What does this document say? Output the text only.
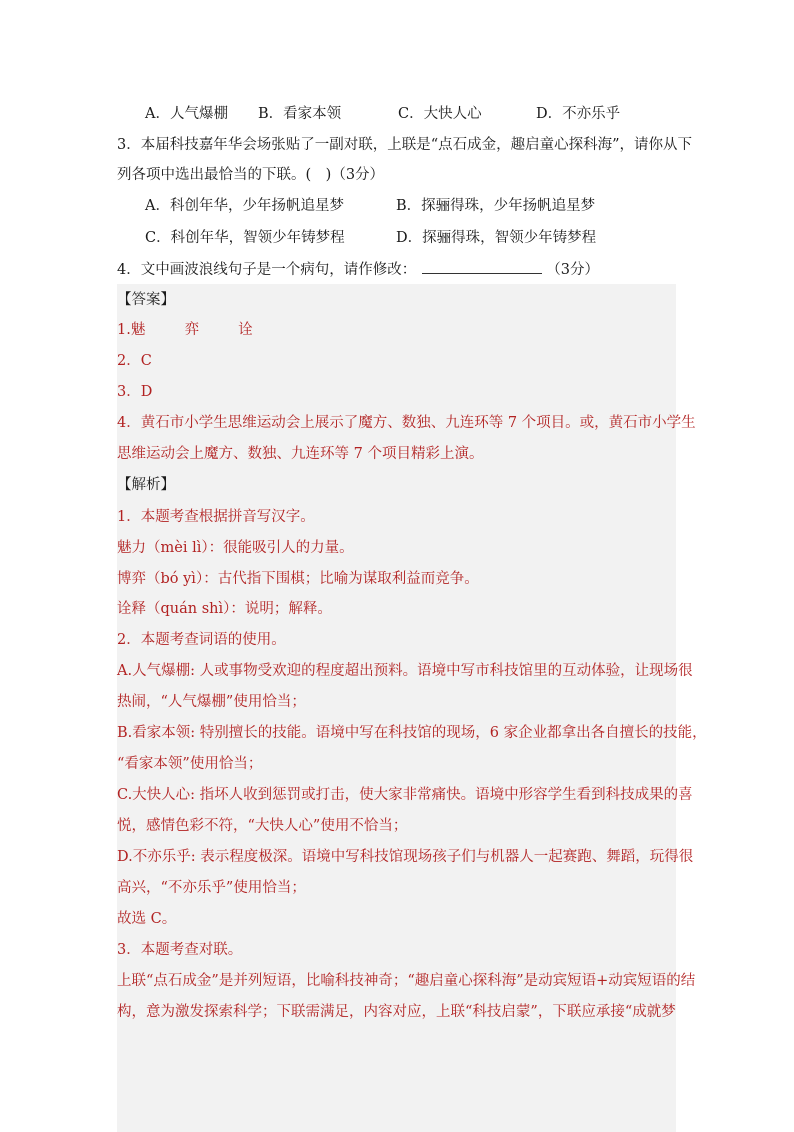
A．人气爆棚 B．看家本领	C．大快人心	D．不亦乐乎
3．本届科技嘉年华会场张贴了一副对联，上联是“点石成金，趣启童心探科海”，请你从下
列各项中选出最恰当的下联。(　)（3分）
A．科创年华，少年扬帆追星梦	B．探骊得珠，少年扬帆追星梦
C．科创年华，智领少年铸梦程	D．探骊得珠，智领少年铸梦程
4．文中画波浪线句子是一个病句，请作修改：	（3分）
【答案】
1.魅	弈	诠
2．C
3．D
4．黄石市小学生思维运动会上展示了魔方、数独、九连环等 7 个项目。或，黄石市小学生
思维运动会上魔方、数独、九连环等 7 个项目精彩上演。
【解析】
1．本题考查根据拼音写汉字。
魅力（mèi lì）：很能吸引人的力量。
博弈（bó yì）：古代指下围棋；比喻为谋取利益而竞争。
诠释（quán shì）：说明；解释。
2．本题考查词语的使用。
A.人气爆棚: 人或事物受欢迎的程度超出预料。语境中写市科技馆里的互动体验，让现场很
热闹，“人气爆棚”使用恰当；
B.看家本领: 特别擅长的技能。语境中写在科技馆的现场，6 家企业都拿出各自擅长的技能，
“看家本领”使用恰当；
C.大快人心: 指坏人收到惩罚或打击，使大家非常痛快。语境中形容学生看到科技成果的喜
悦，感情色彩不符，“大快人心”使用不恰当；
D.不亦乐乎: 表示程度极深。语境中写科技馆现场孩子们与机器人一起赛跑、舞蹈，玩得很
高兴，“不亦乐乎”使用恰当；
故选 C。
3．本题考查对联。
上联“点石成金”是并列短语，比喻科技神奇；“趣启童心探科海”是动宾短语+动宾短语的结
构，意为激发探索科学；下联需满足，内容对应，上联“科技启蒙”，下联应承接“成就梦
